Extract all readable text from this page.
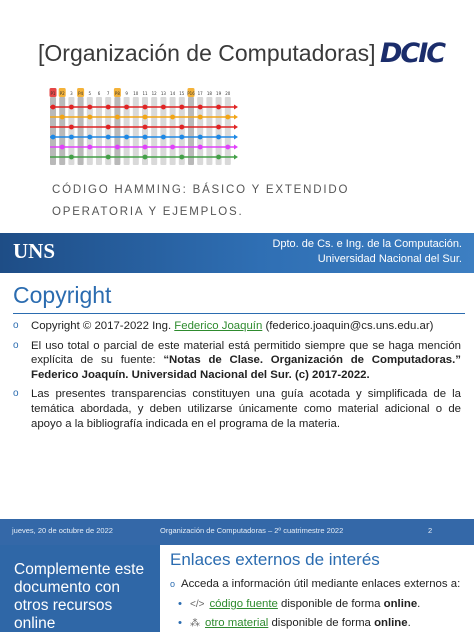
[Organización de Computadoras] DCIC
P1 P2 3 P4 5 6 7 P8 9 10 11 12 13 14 15 P16 17 18 19 20
CÓDIGO HAMMING: BÁSICO Y EXTENDIDO
OPERATORIA Y EJEMPLOS.
UNS	Dpto. de Cs. e Ing. de la Computación.
Universidad Nacional del Sur.
Copyright
o Copyright © 2017-2022 Ing. Federico Joaquín (federico.joaquin@cs.uns.edu.ar)
o El uso total o parcial de este material está permitido siempre que se haga mención explícita de su fuente: “Notas de Clase. Organización de Computadoras.” Federico Joaquín. Universidad Nacional del Sur. (c) 2017-2022.
o Las presentes transparencias constituyen una guía acotada y simplificada de la temática abordada, y deben utilizarse únicamente como material adicional o de apoyo a la bibliografía indicada en el programa de la materia.
jueves, 20 de octubre de 2022	Organización de Computadoras – 2º cuatrimestre 2022	2
Complemente este documento con otros recursos online
Enlaces externos de interés
o Acceda a información útil mediante enlaces externos a:
• </> código fuente disponible de forma online.
• ⁂ otro material disponible de forma online.
